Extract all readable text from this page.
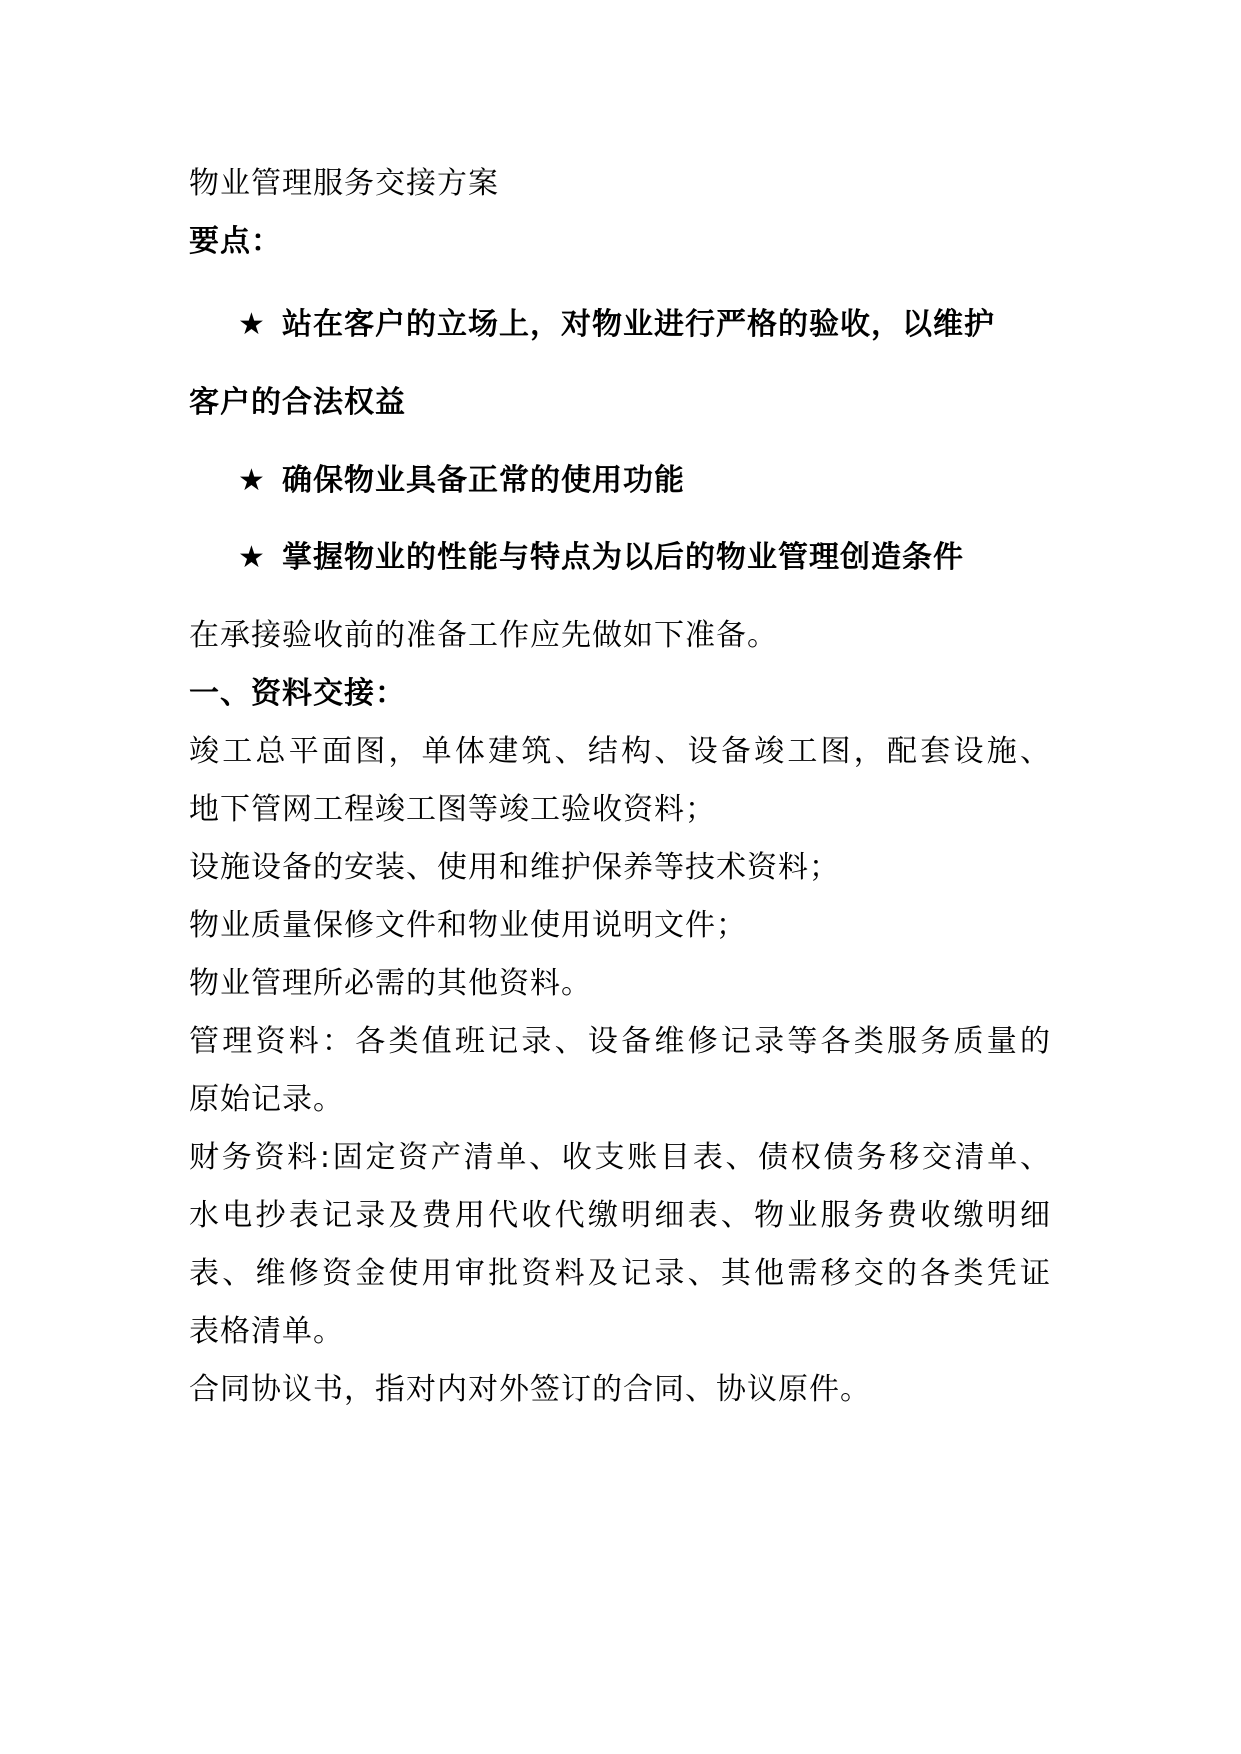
物业管理服务交接方案
要点：
★ 站在客户的立场上，对物业进行严格的验收，以维护
客户的合法权益
★ 确保物业具备正常的使用功能
★ 掌握物业的性能与特点为以后的物业管理创造条件
在承接验收前的准备工作应先做如下准备。
一、资料交接：
竣工总平面图，单体建筑、结构、设备竣工图，配套设施、
地下管网工程竣工图等竣工验收资料；
设施设备的安装、使用和维护保养等技术资料；
物业质量保修文件和物业使用说明文件；
物业管理所必需的其他资料。
管理资料：各类值班记录、设备维修记录等各类服务质量的
原始记录。
财务资料:固定资产清单、收支账目表、债权债务移交清单、
水电抄表记录及费用代收代缴明细表、物业服务费收缴明细
表、维修资金使用审批资料及记录、其他需移交的各类凭证
表格清单。
合同协议书，指对内对外签订的合同、协议原件。
